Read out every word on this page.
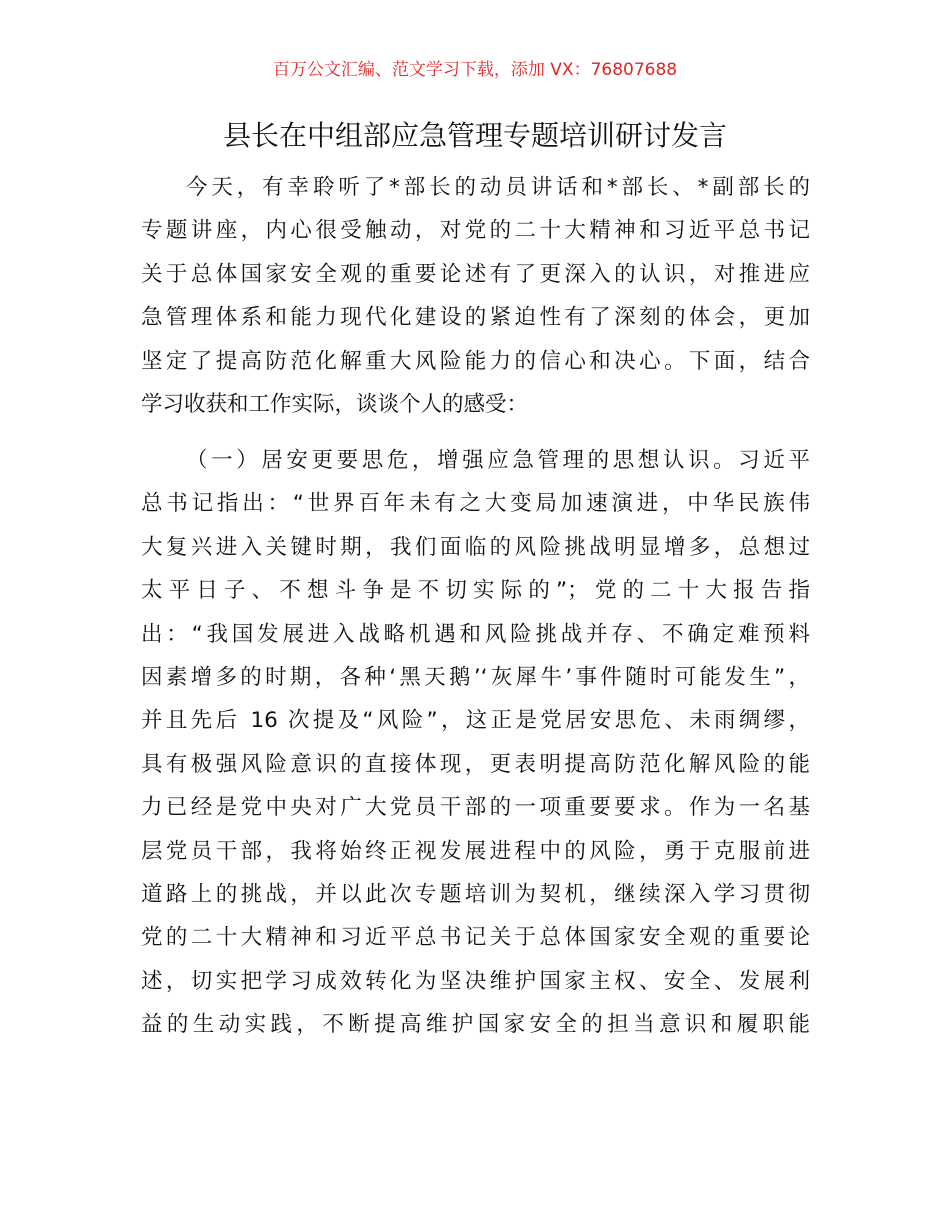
百万公文汇编、范文学习下载，添加 VX：76807688
县长在中组部应急管理专题培训研讨发言
今天，有幸聆听了*部长的动员讲话和*部长、*副部长的
专题讲座，内心很受触动，对党的二十大精神和习近平总书记
关于总体国家安全观的重要论述有了更深入的认识，对推进应
急管理体系和能力现代化建设的紧迫性有了深刻的体会，更加
坚定了提高防范化解重大风险能力的信心和决心。下面，结合
学习收获和工作实际，谈谈个人的感受：
（一）居安更要思危，增强应急管理的思想认识。习近平
总书记指出：“世界百年未有之大变局加速演进，中华民族伟
大复兴进入关键时期，我们面临的风险挑战明显增多，总想过
太平日子、不想斗争是不切实际的”；党的二十大报告指
出：“我国发展进入战略机遇和风险挑战并存、不确定难预料
因素增多的时期，各种‘黑天鹅’‘灰犀牛’事件随时可能发生”，
并且先后 16 次提及“风险”，这正是党居安思危、未雨绸缪，
具有极强风险意识的直接体现，更表明提高防范化解风险的能
力已经是党中央对广大党员干部的一项重要要求。作为一名基
层党员干部，我将始终正视发展进程中的风险，勇于克服前进
道路上的挑战，并以此次专题培训为契机，继续深入学习贯彻
党的二十大精神和习近平总书记关于总体国家安全观的重要论
述，切实把学习成效转化为坚决维护国家主权、安全、发展利
益的生动实践，不断提高维护国家安全的担当意识和履职能
